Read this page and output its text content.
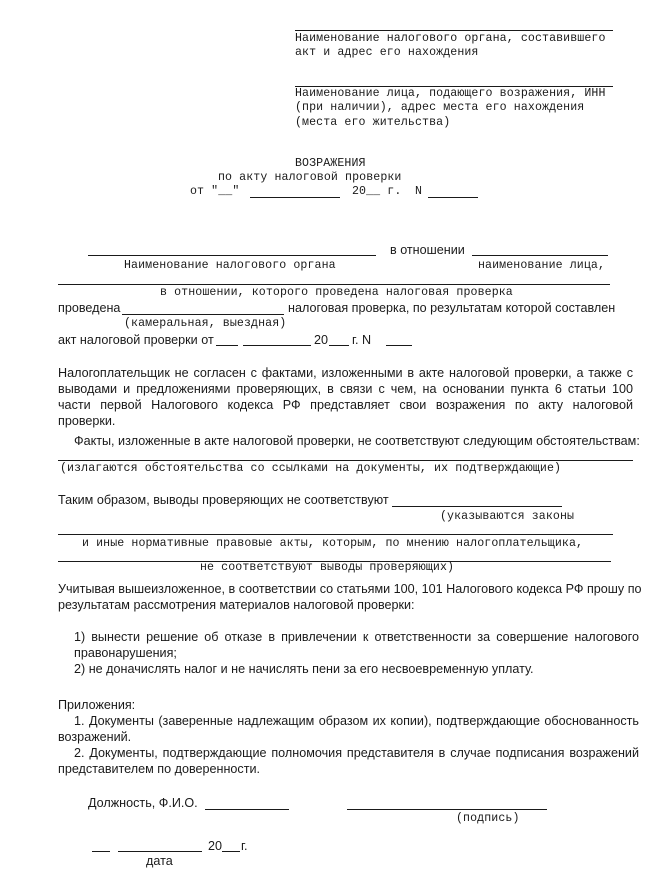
Наименование налогового органа, составившего
акт и адрес его нахождения
Наименование лица, подающего возражения, ИНН
(при наличии), адрес места его нахождения
(места его жительства)
ВОЗРАЖЕНИЯ
по акту налоговой проверки
от "__"	20__ г. N
в отношении
Наименование налогового органа	наименование лица,
в отношении, которого проведена налоговая проверка
проведена	налоговая проверка, по результатам которой составлен
(камеральная, выездная)
акт налоговой проверки от	20 г. N
Налогоплательщик не согласен с фактами, изложенными в акте налоговой проверки, а также с
выводами и предложениями проверяющих, в связи с чем, на основании пункта 6 статьи 100
части первой Налогового кодекса РФ представляет свои возражения по акту налоговой
проверки.
Факты, изложенные в акте налоговой проверки, не соответствуют следующим обстоятельствам:
(излагаются обстоятельства со ссылками на документы, их подтверждающие)
Таким образом, выводы проверяющих не соответствуют
(указываются законы
и иные нормативные правовые акты, которым, по мнению налогоплательщика,
не соответствуют выводы проверяющих)
Учитывая вышеизложенное, в соответствии со статьями 100, 101 Налогового кодекса РФ прошу по
результатам рассмотрения материалов налоговой проверки:
1) вынести решение об отказе в привлечении к ответственности за совершение налогового
правонарушения;
2) не доначислять налог и не начислять пени за его несвоевременную уплату.
Приложения:
1. Документы (заверенные надлежащим образом их копии), подтверждающие обоснованность
возражений.
2. Документы, подтверждающие полномочия представителя в случае подписания возражений
представителем по доверенности.
Должность, Ф.И.О.
(подпись)
20 г.
дата
